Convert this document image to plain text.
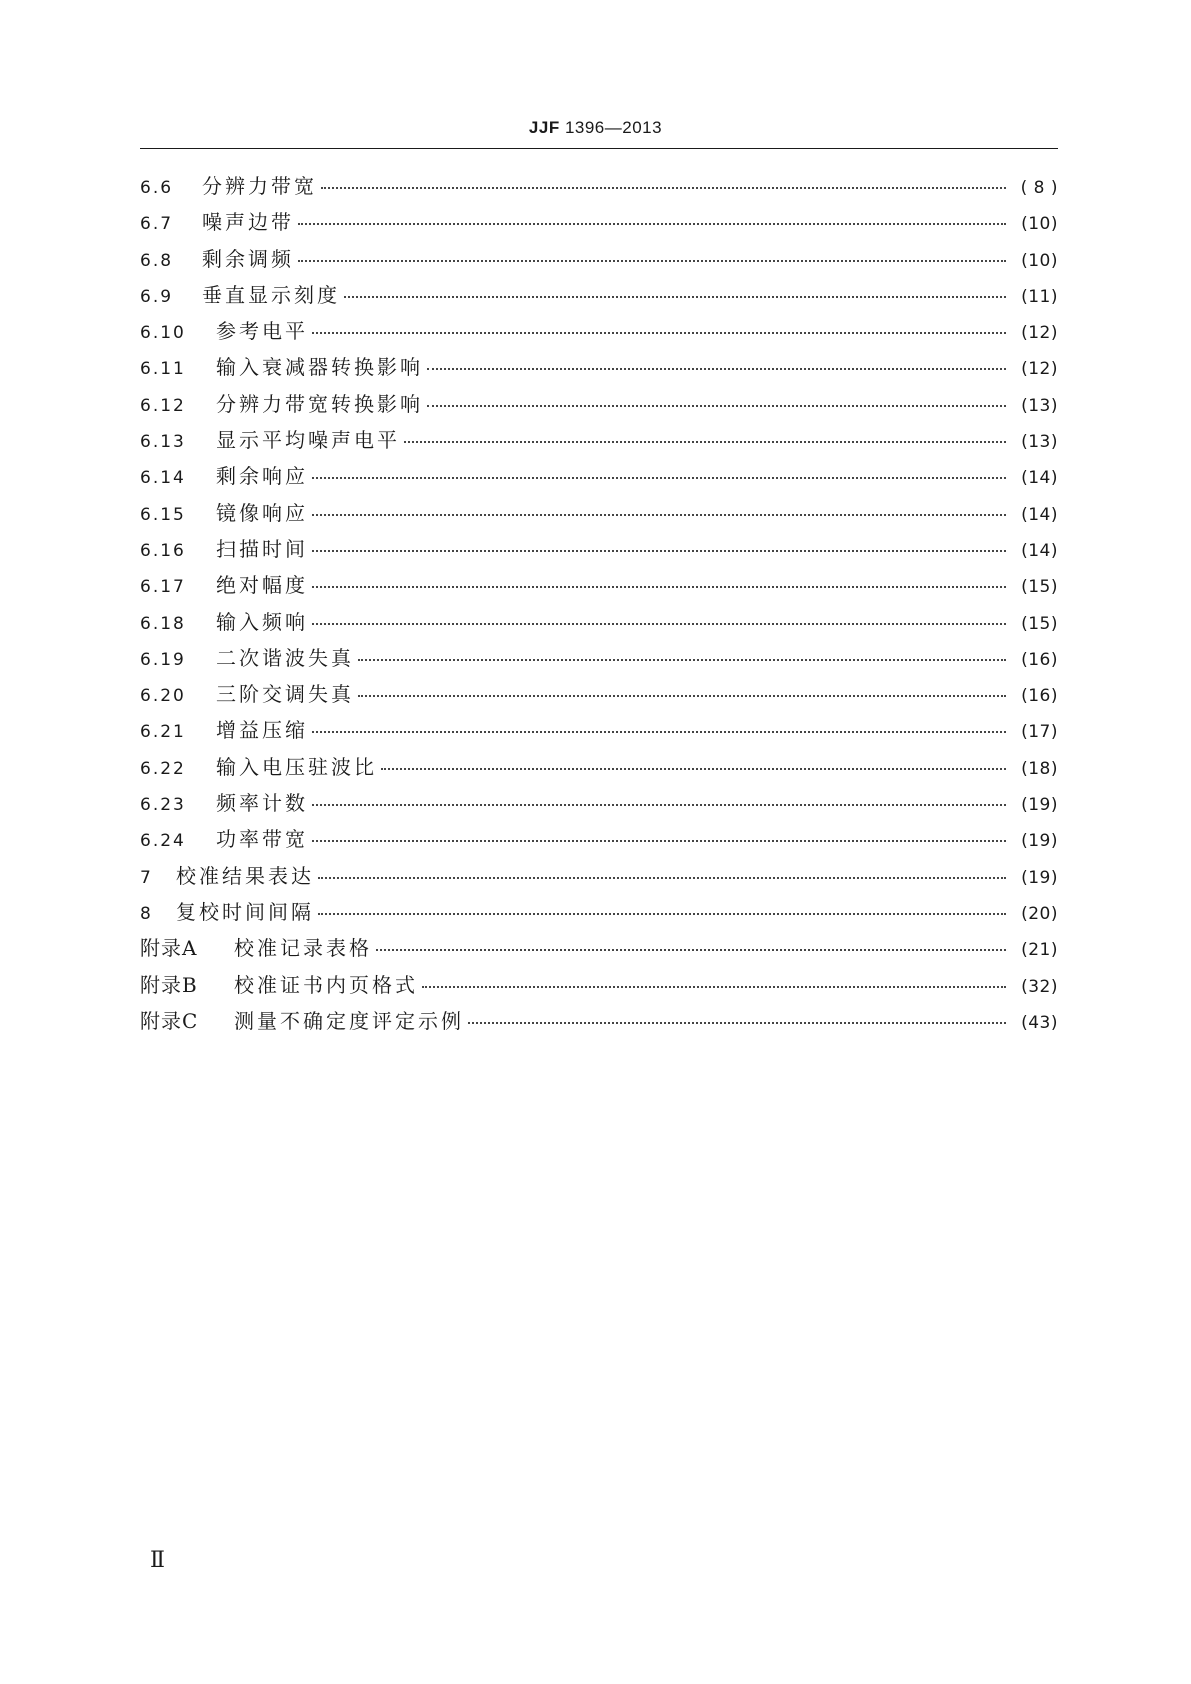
JJF 1396—2013
6.6	分辨力带宽	( 8 )
6.7	噪声边带	(10)
6.8	剩余调频	(10)
6.9	垂直显示刻度	(11)
6.10	参考电平	(12)
6.11	输入衰减器转换影响	(12)
6.12	分辨力带宽转换影响	(13)
6.13	显示平均噪声电平	(13)
6.14	剩余响应	(14)
6.15	镜像响应	(14)
6.16	扫描时间	(14)
6.17	绝对幅度	(15)
6.18	输入频响	(15)
6.19	二次谐波失真	(16)
6.20	三阶交调失真	(16)
6.21	增益压缩	(17)
6.22	输入电压驻波比	(18)
6.23	频率计数	(19)
6.24	功率带宽	(19)
7	校准结果表达	(19)
8	复校时间间隔	(20)
附录A	校准记录表格	(21)
附录B	校准证书内页格式	(32)
附录C	测量不确定度评定示例	(43)
Ⅱ
